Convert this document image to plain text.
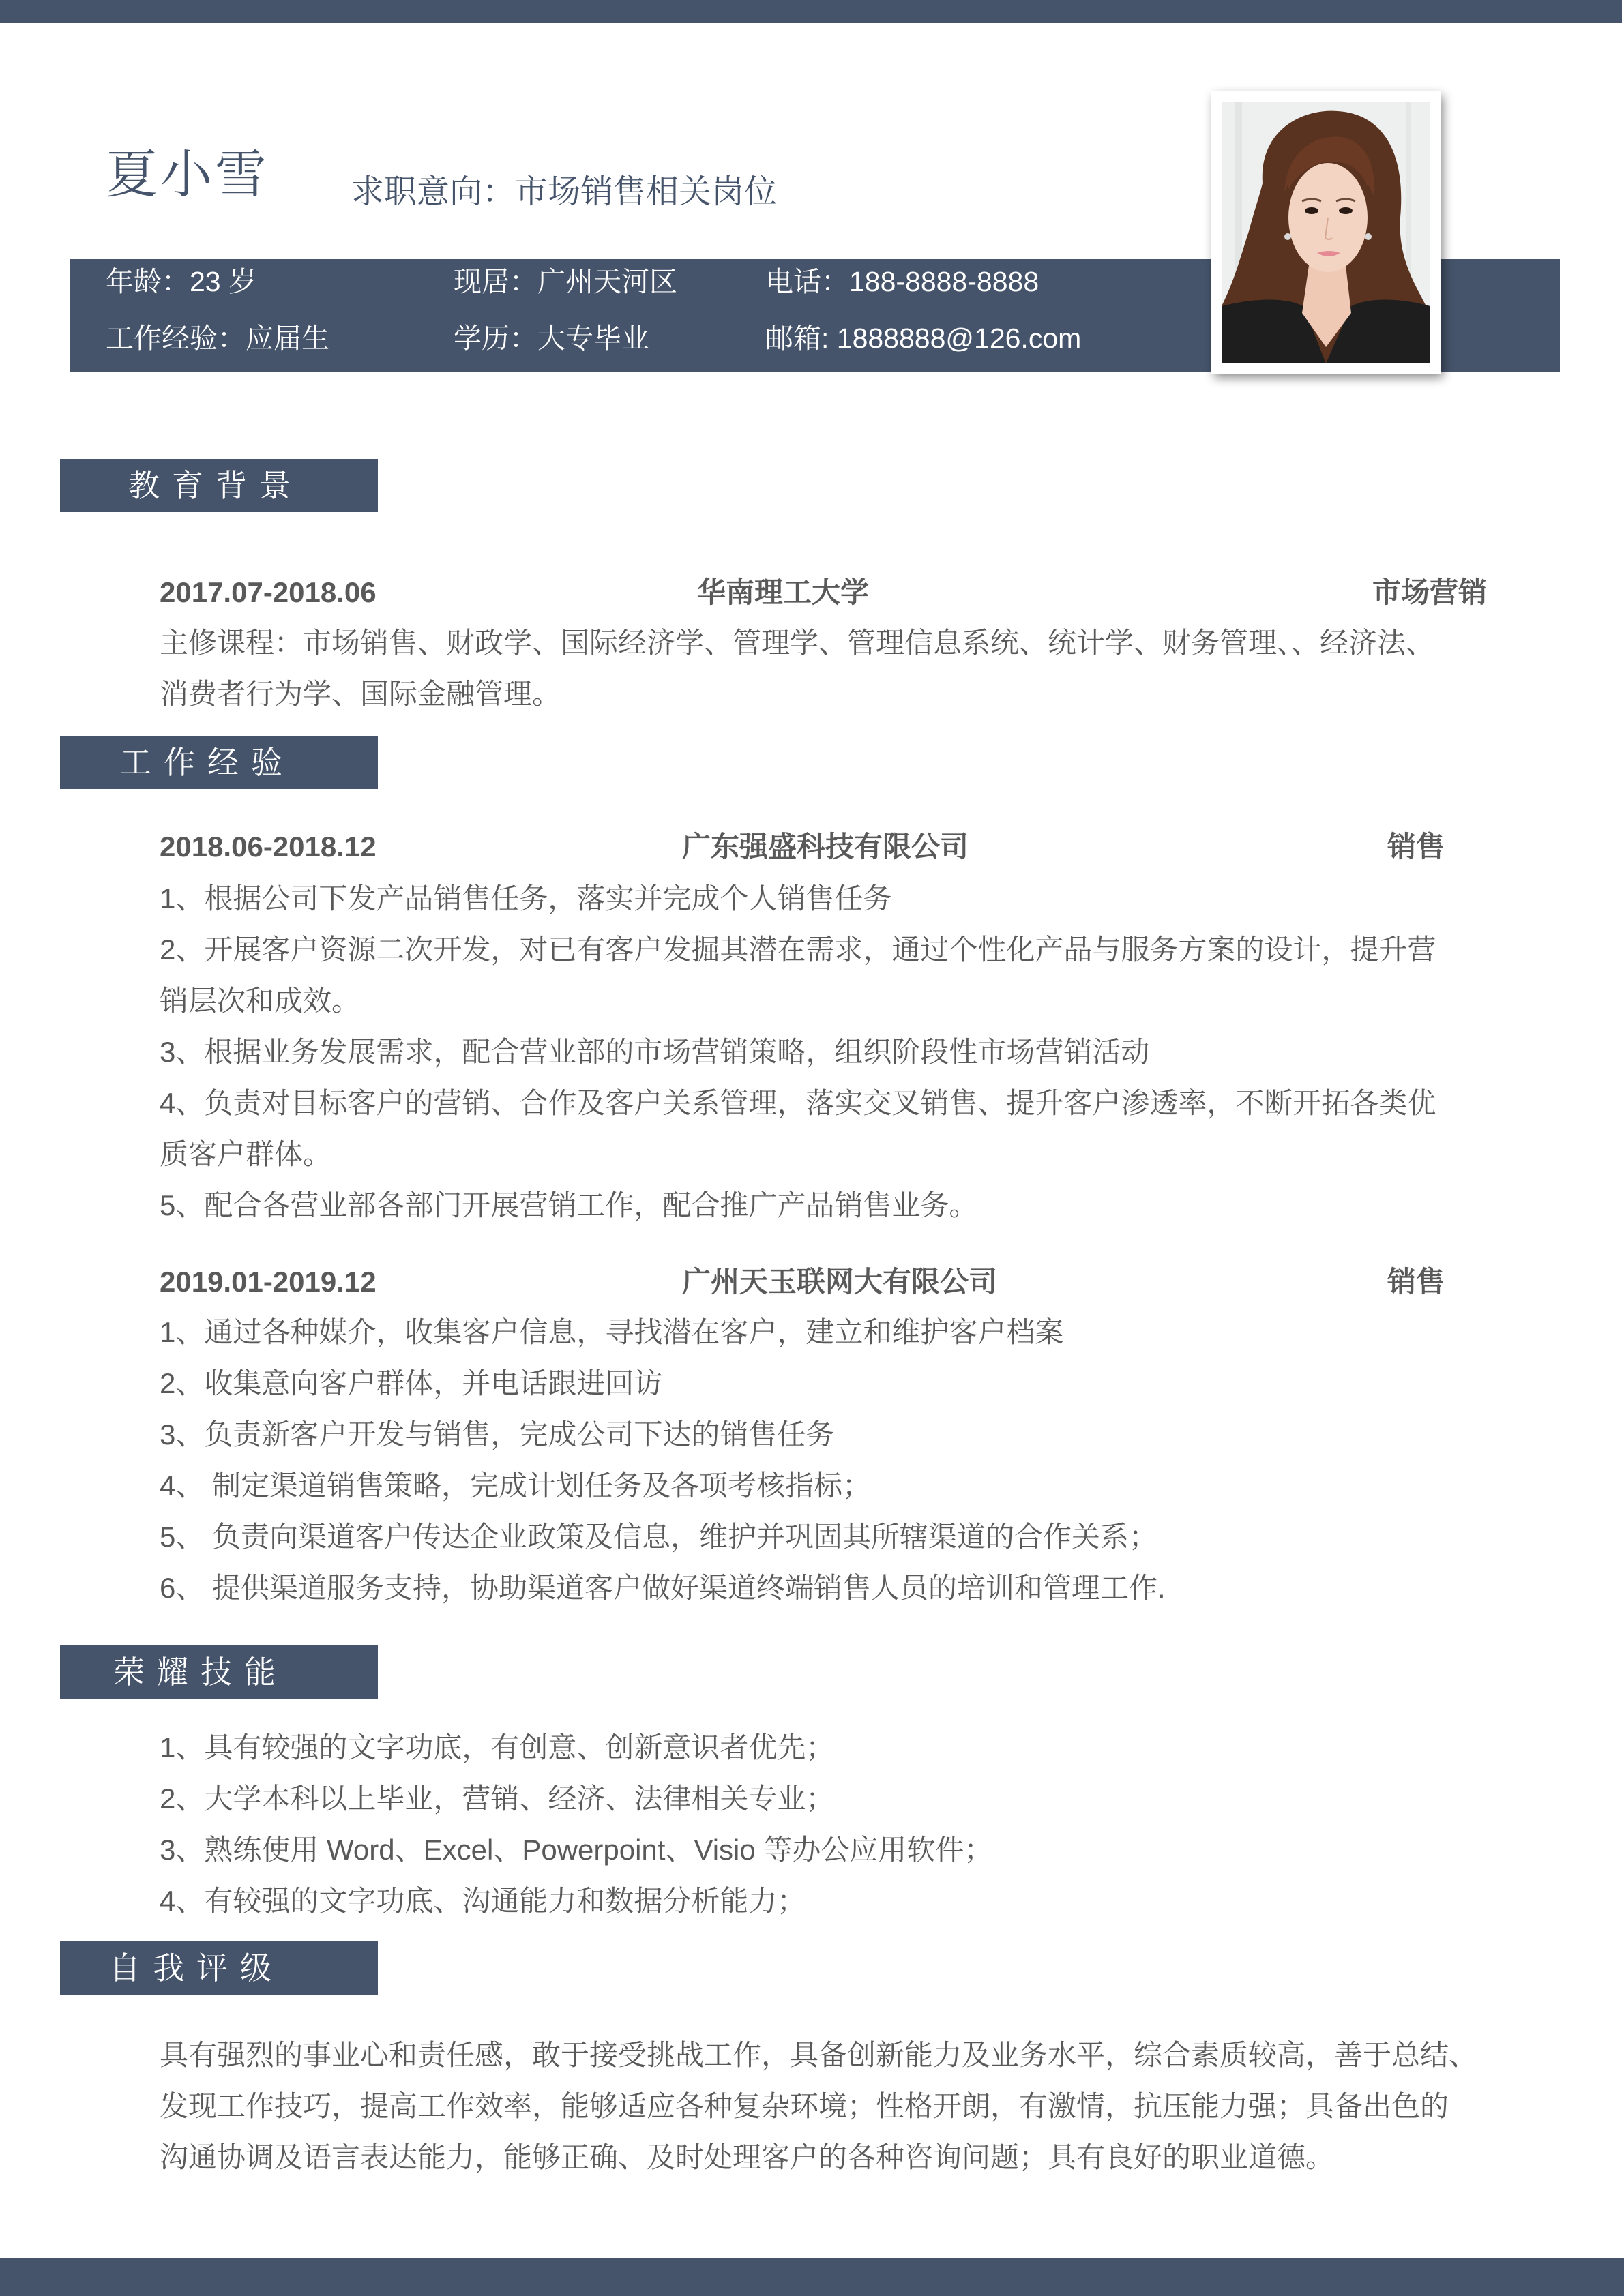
夏小雪	求职意向：市场销售相关岗位
年龄：23 岁	现居：广州天河区	电话：188-8888-8888
工作经验：应届生	学历：大专毕业	邮箱: 1888888@126.com
教育背景
2017.07-2018.06	华南理工大学	市场营销
主修课程：市场销售、财政学、国际经济学、管理学、管理信息系统、统计学、财务管理、、经济法、
消费者行为学、国际金融管理。
工作经验
2018.06-2018.12	广东强盛科技有限公司	销售
1、根据公司下发产品销售任务，落实并完成个人销售任务
2、开展客户资源二次开发，对已有客户发掘其潜在需求，通过个性化产品与服务方案的设计，提升营
销层次和成效。
3、根据业务发展需求，配合营业部的市场营销策略，组织阶段性市场营销活动
4、负责对目标客户的营销、合作及客户关系管理，落实交叉销售、提升客户渗透率，不断开拓各类优
质客户群体。
5、配合各营业部各部门开展营销工作，配合推广产品销售业务。
2019.01-2019.12	广州天玉联网大有限公司	销售
1、通过各种媒介，收集客户信息，寻找潜在客户，建立和维护客户档案
2、收集意向客户群体，并电话跟进回访
3、负责新客户开发与销售，完成公司下达的销售任务
4、 制定渠道销售策略，完成计划任务及各项考核指标；
5、 负责向渠道客户传达企业政策及信息，维护并巩固其所辖渠道的合作关系；
6、 提供渠道服务支持，协助渠道客户做好渠道终端销售人员的培训和管理工作.
荣耀技能
1、具有较强的文字功底，有创意、创新意识者优先；
2、大学本科以上毕业，营销、经济、法律相关专业；
3、熟练使用 Word、Excel、Powerpoint、Visio 等办公应用软件；
4、有较强的文字功底、沟通能力和数据分析能力；
自我评级
具有强烈的事业心和责任感，敢于接受挑战工作，具备创新能力及业务水平，综合素质较高，善于总结、
发现工作技巧，提高工作效率，能够适应各种复杂环境；性格开朗，有激情，抗压能力强；具备出色的
沟通协调及语言表达能力，能够正确、及时处理客户的各种咨询问题；具有良好的职业道德。
